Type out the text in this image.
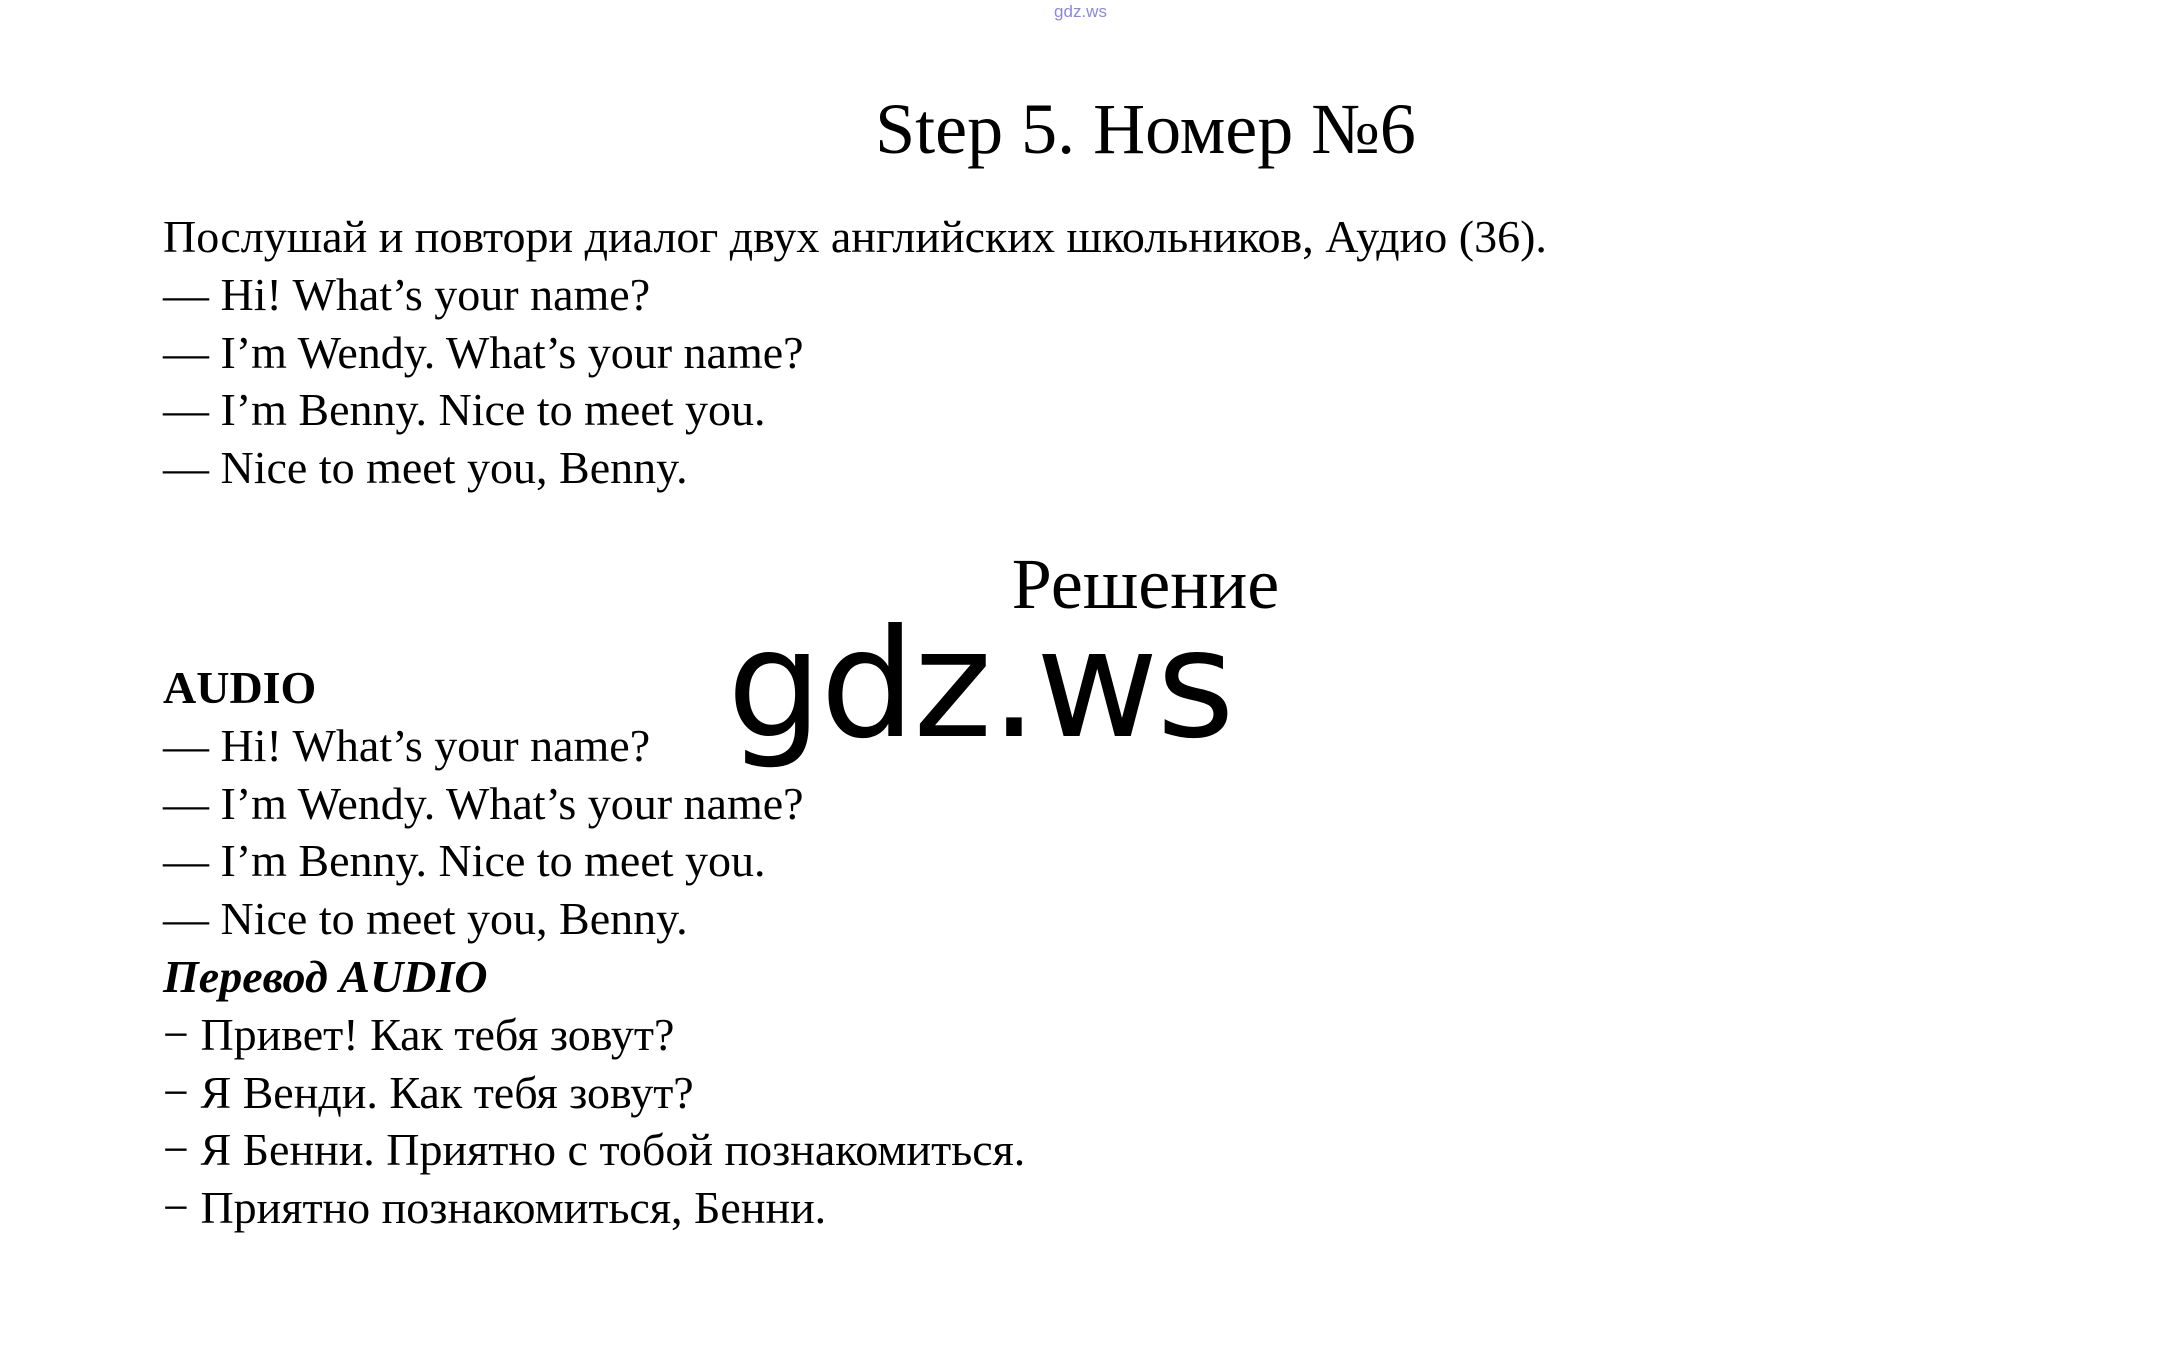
gdz.ws
Step 5. Номер №6
Послушай и повтори диалог двух английских школьников, Аудио (36).
— Hi! What’s your name?
— I’m Wendy. What’s your name?
— I’m Benny. Nice to meet you.
— Nice to meet you, Benny.
Решение
AUDIO
— Hi! What’s your name?
— I’m Wendy. What’s your name?
— I’m Benny. Nice to meet you.
— Nice to meet you, Benny.
Перевод AUDIO
− Привет! Как тебя зовут?
− Я Венди. Как тебя зовут?
− Я Бенни. Приятно с тобой познакомиться.
− Приятно познакомиться, Бенни.
gdz.ws
